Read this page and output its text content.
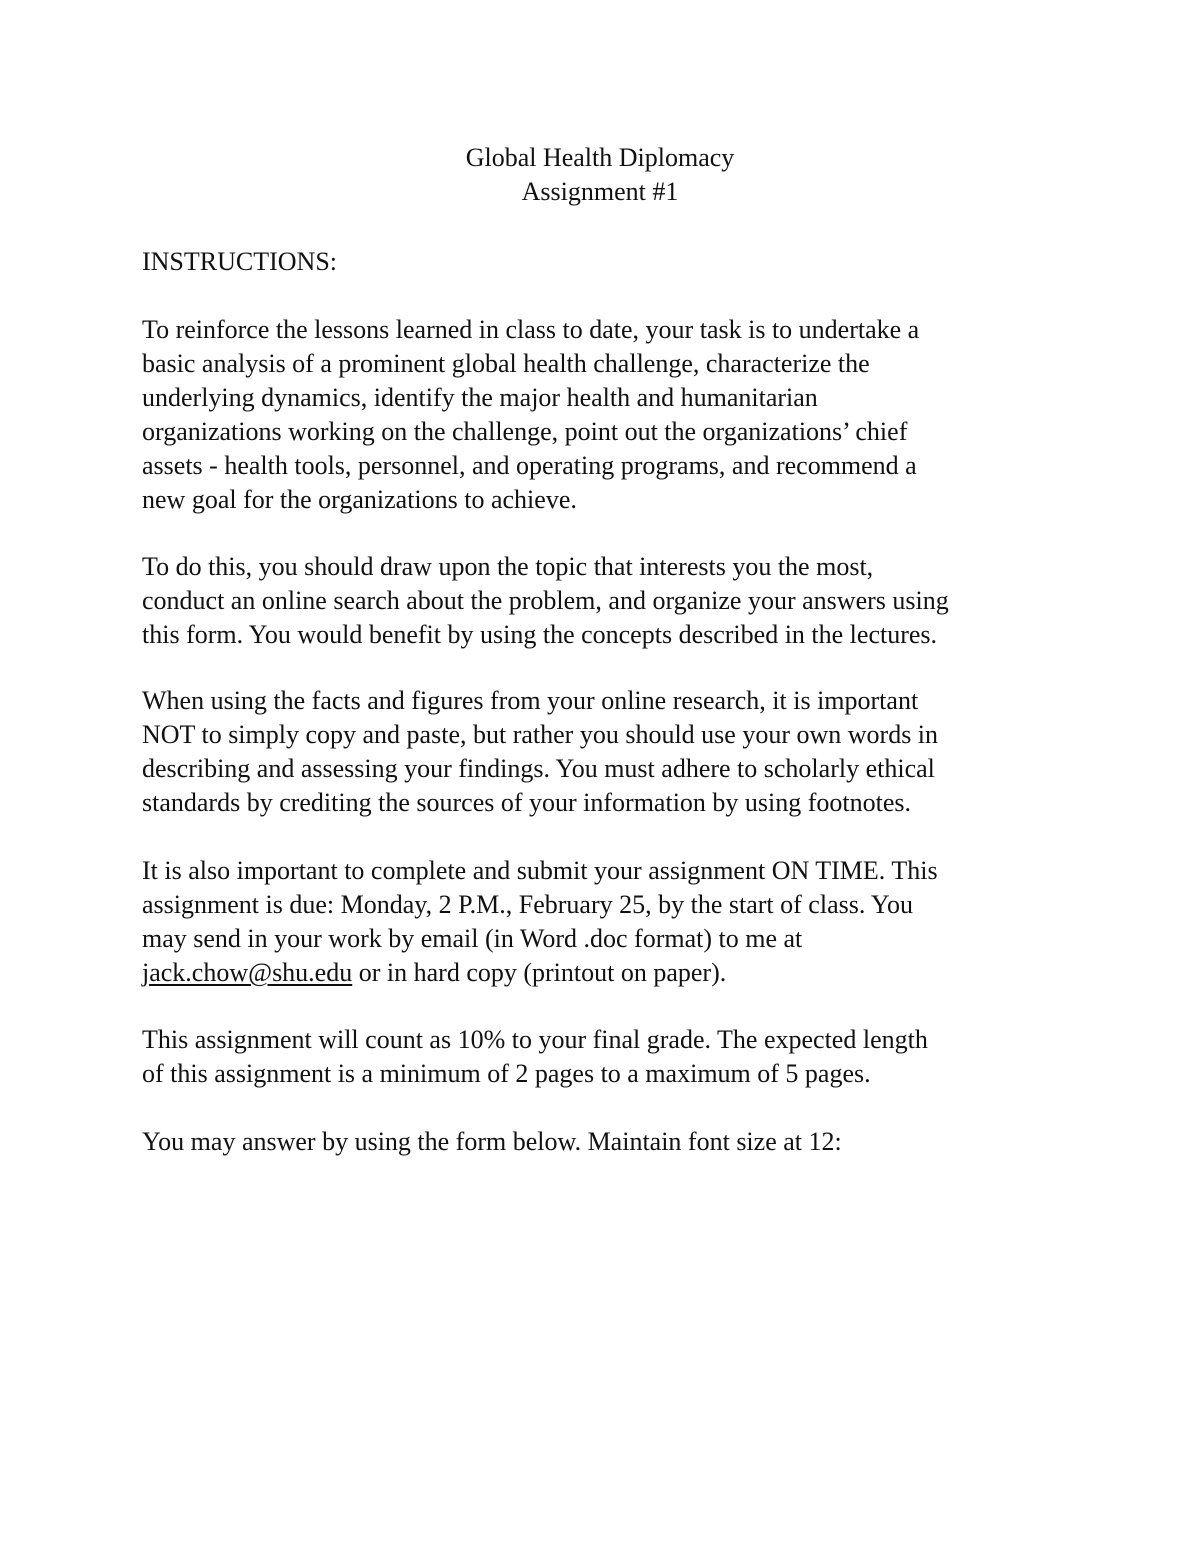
Global Health Diplomacy
Assignment #1
INSTRUCTIONS:
To reinforce the lessons learned in class to date, your task is to undertake a
basic analysis of a prominent global health challenge, characterize the
underlying dynamics, identify the major health and humanitarian
organizations working on the challenge, point out the organizations’ chief
assets - health tools, personnel, and operating programs, and recommend a
new goal for the organizations to achieve.
To do this, you should draw upon the topic that interests you the most,
conduct an online search about the problem, and organize your answers using
this form. You would benefit by using the concepts described in the lectures.
When using the facts and figures from your online research, it is important
NOT to simply copy and paste, but rather you should use your own words in
describing and assessing your findings. You must adhere to scholarly ethical
standards by crediting the sources of your information by using footnotes.
It is also important to complete and submit your assignment ON TIME. This
assignment is due: Monday, 2 P.M., February 25, by the start of class. You
may send in your work by email (in Word .doc format) to me at
jack.chow@shu.edu or in hard copy (printout on paper).
This assignment will count as 10% to your final grade. The expected length
of this assignment is a minimum of 2 pages to a maximum of 5 pages.
You may answer by using the form below. Maintain font size at 12:
